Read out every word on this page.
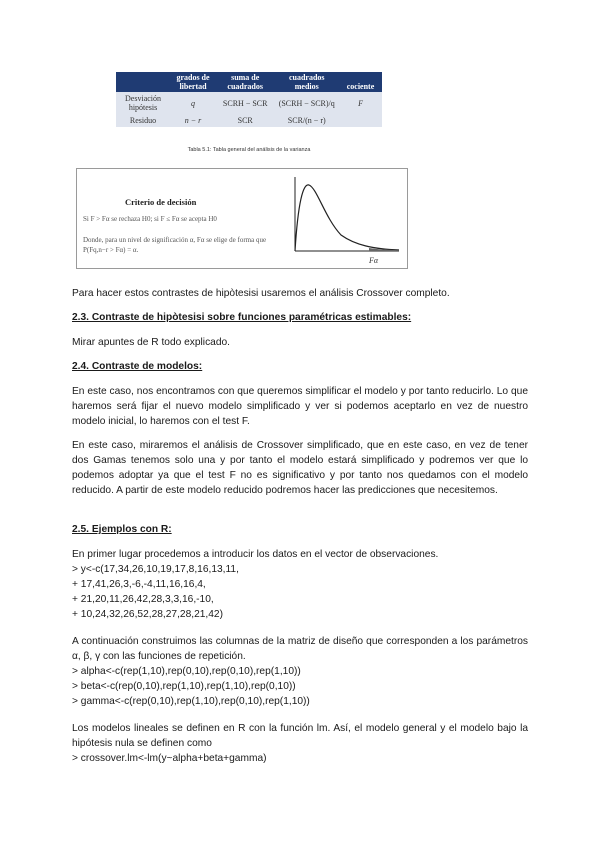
	grados de libertad	suma de cuadrados	cuadrados medios	cociente
Desviación hipótesis	q	SCRH − SCR	(SCRH − SCR)/q	F
Residuo	n − r	SCR	SCR/(n − r)	
Tabla 5.1: Tabla general del análisis de la varianza
Criterio de decisión
Si F > Fα se rechaza H0; si F ≤ Fα se acepta H0
Donde, para un nivel de significación α, Fα se elige de forma que P(Fq,n−r > Fα) = α.
Fα

Para hacer estos contrastes de hipòtesisi usaremos el análisis Crossover completo.

2.3. Contraste de hipòtesisi sobre funciones paramétricas estimables:

Mirar apuntes de R todo explicado.

2.4. Contraste de modelos:

En este caso, nos encontramos con que queremos simplificar el modelo y por tanto reducirlo. Lo que haremos será fijar el nuevo modelo simplificado y ver si podemos aceptarlo en vez de nuestro modelo inicial, lo haremos con el test F.

En este caso, miraremos el análisis de Crossover simplificado, que en este caso, en vez de tener dos Gamas tenemos solo una y por tanto el modelo estará simplificado y podremos ver que lo podemos adoptar ya que el test F no es significativo y por tanto nos quedamos con el modelo reducido. A partir de este modelo reducido podremos hacer las predicciones que necesitemos.

2.5. Ejemplos con R:

En primer lugar procedemos a introducir los datos en el vector de observaciones.

> y<-c(17,34,26,10,19,17,8,16,13,11,

+ 17,41,26,3,-6,-4,11,16,16,4,

+ 21,20,11,26,42,28,3,3,16,-10,

+ 10,24,32,26,52,28,27,28,21,42)

A continuación construimos las columnas de la matriz de diseño que corresponden a los parámetros α, β, γ con las funciones de repetición.

> alpha<-c(rep(1,10),rep(0,10),rep(0,10),rep(1,10))

> beta<-c(rep(0,10),rep(1,10),rep(1,10),rep(0,10))

> gamma<-c(rep(0,10),rep(1,10),rep(0,10),rep(1,10))

Los modelos lineales se definen en R con la función lm. Así, el modelo general y el modelo bajo la hipótesis nula se definen como

> crossover.lm<-lm(y~alpha+beta+gamma)
